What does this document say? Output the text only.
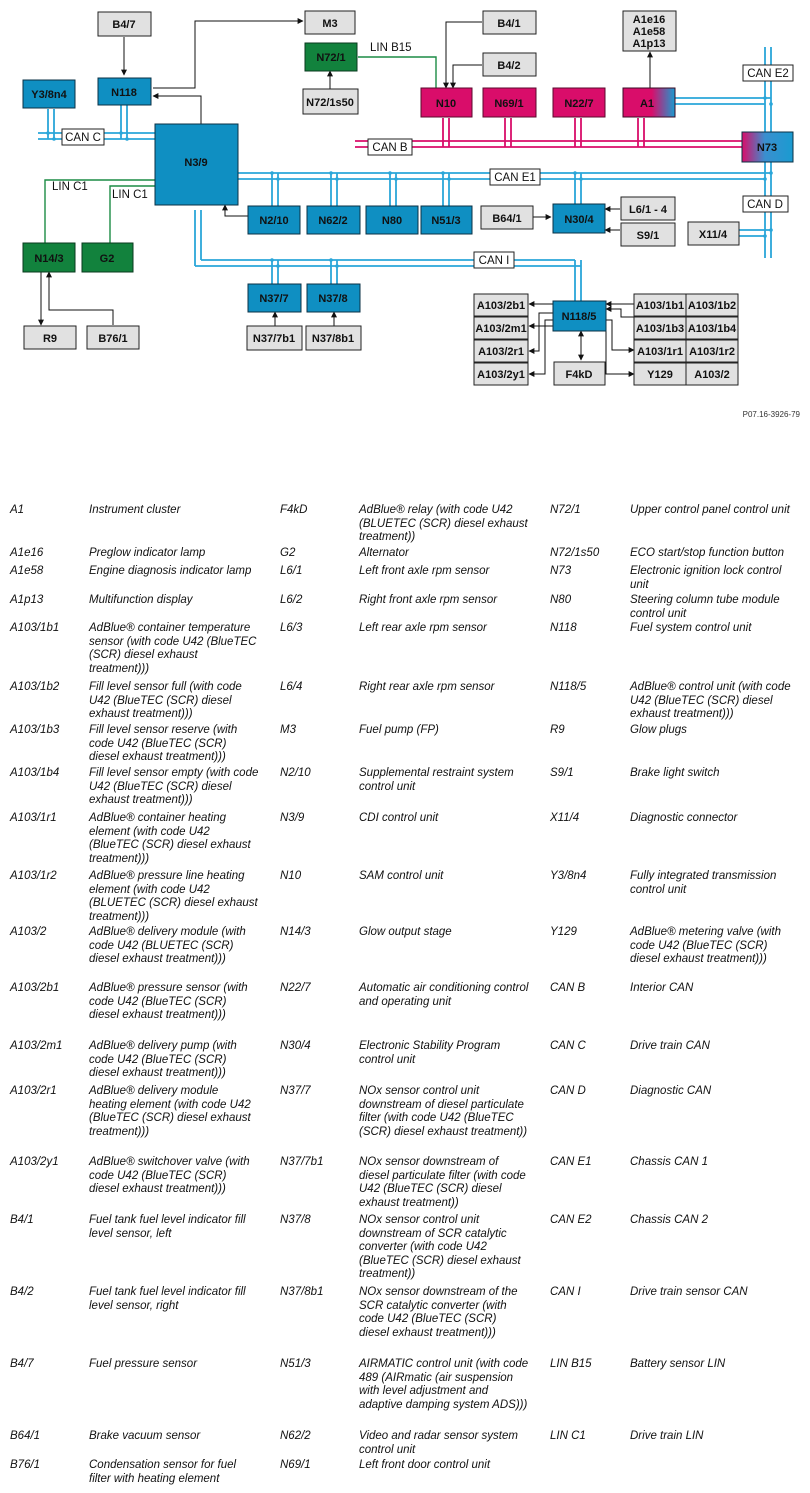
CAN C
CAN B
CAN E1
CAN E2
CAN D
CAN I
LIN B15
LIN C1
LIN C1
B4/7	M3
N72/1
N72/1s50
B4/1
B4/2
A1e16
A1e58
A1p13
Y3/8n4	N118
N10	N69/1	N22/7	A1
N73
N3/9
N2/10	N62/2	N80	N51/3	B64/1	N30/4
L6/1 - 4
S9/1	X11/4
N14/3	G2
R9	B76/1
N37/7	N37/8
N37/7b1 N37/8b1
N118/5
A103/2b1
A103/2m1
A103/2r1
A103/2y1
A103/1b1 A103/1b2
A103/1b3 A103/1b4
A103/1r1 A103/1r2
F4kD	Y129 A103/2
P07.16-3926-79
A1	Instrument cluster
A1e16	Preglow indicator lamp
A1e58	Engine diagnosis indicator lamp
A1p13	Multifunction display
A103/1b1	AdBlue® container temperature sensor (with code U42 (BlueTEC (SCR) diesel exhaust treatment)))
A103/1b2	Fill level sensor full (with code U42 (BlueTEC (SCR) diesel exhaust treatment)))
A103/1b3	Fill level sensor reserve (with code U42 (BlueTEC (SCR) diesel exhaust treatment)))
A103/1b4	Fill level sensor empty (with code U42 (BlueTEC (SCR) diesel exhaust treatment)))
A103/1r1	AdBlue® container heating element (with code U42 (BlueTEC (SCR) diesel exhaust treatment)))
A103/1r2	AdBlue® pressure line heating element (with code U42 (BLUETEC (SCR) diesel exhaust treatment)))
A103/2	AdBlue® delivery module (with code U42 (BLUETEC (SCR) diesel exhaust treatment)))
A103/2b1	AdBlue® pressure sensor (with code U42 (BlueTEC (SCR) diesel exhaust treatment)))
A103/2m1 AdBlue® delivery pump (with code U42 (BlueTEC (SCR) diesel exhaust treatment)))
A103/2r1	AdBlue® delivery module heating element (with code U42 (BlueTEC (SCR) diesel exhaust treatment)))
A103/2y1	AdBlue® switchover valve (with code U42 (BlueTEC (SCR) diesel exhaust treatment)))
B4/1	Fuel tank fuel level indicator fill level sensor, left
B4/2	Fuel tank fuel level indicator fill level sensor, right
B4/7	Fuel pressure sensor
B64/1	Brake vacuum sensor
B76/1	Condensation sensor for fuel filter with heating element
F4kD	AdBlue® relay (with code U42 (BLUETEC (SCR) diesel exhaust treatment))
G2	Alternator
L6/1	Left front axle rpm sensor
L6/2	Right front axle rpm sensor
L6/3	Left rear axle rpm sensor
L6/4	Right rear axle rpm sensor
M3	Fuel pump (FP)
N2/10	Supplemental restraint system control unit
N3/9	CDI control unit
N10	SAM control unit
N14/3	Glow output stage
N22/7	Automatic air conditioning control and operating unit
N30/4	Electronic Stability Program control unit
N37/7	NOx sensor control unit downstream of diesel particulate filter (with code U42 (BlueTEC (SCR) diesel exhaust treatment))
N37/7b1	NOx sensor downstream of diesel particulate filter (with code U42 (BlueTEC (SCR) diesel exhaust treatment))
N37/8	NOx sensor control unit downstream of SCR catalytic converter (with code U42 (BlueTEC (SCR) diesel exhaust treatment))
N37/8b1	NOx sensor downstream of the SCR catalytic converter (with code U42 (BlueTEC (SCR) diesel exhaust treatment)))
N51/3	AIRMATIC control unit (with code 489 (AIRmatic (air suspension with level adjustment and adaptive damping system ADS)))
N62/2	Video and radar sensor system control unit
N69/1	Left front door control unit
N72/1	Upper control panel control unit
N72/1s50	ECO start/stop function button
N73	Electronic ignition lock control unit
N80	Steering column tube module control unit
N118	Fuel system control unit
N118/5	AdBlue® control unit (with code U42 (BlueTEC (SCR) diesel exhaust treatment)))
R9	Glow plugs
S9/1	Brake light switch
X11/4	Diagnostic connector
Y3/8n4	Fully integrated transmission control unit
Y129	AdBlue® metering valve (with code U42 (BlueTEC (SCR) diesel exhaust treatment)))
CAN B	Interior CAN
CAN C	Drive train CAN
CAN D	Diagnostic CAN
CAN E1	Chassis CAN 1
CAN E2	Chassis CAN 2
CAN I	Drive train sensor CAN
LIN B15	Battery sensor LIN
LIN C1	Drive train LIN
